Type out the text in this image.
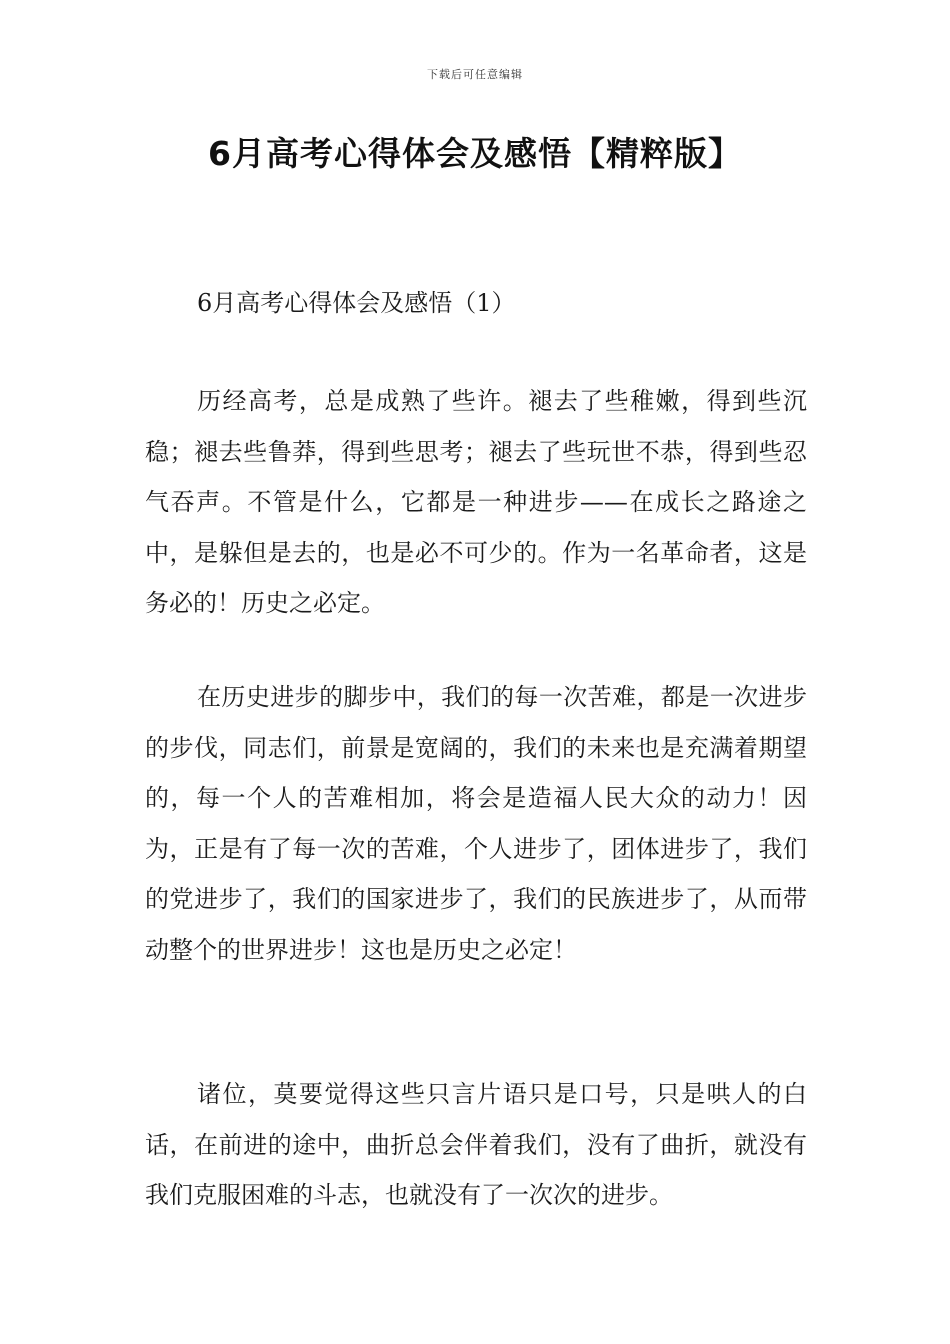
下载后可任意编辑
6月高考心得体会及感悟【精粹版】
6月高考心得体会及感悟（1）

历经高考，总是成熟了些许。褪去了些稚嫩，得到些沉稳；褪去些鲁莽，得到些思考；褪去了些玩世不恭，得到些忍气吞声。不管是什么，它都是一种进步——在成长之路途之中，是躲但是去的，也是必不可少的。作为一名革命者，这是务必的！历史之必定。

在历史进步的脚步中，我们的每一次苦难，都是一次进步的步伐，同志们，前景是宽阔的，我们的未来也是充满着期望的，每一个人的苦难相加，将会是造福人民大众的动力！因为，正是有了每一次的苦难，个人进步了，团体进步了，我们的党进步了，我们的国家进步了，我们的民族进步了，从而带动整个的世界进步！这也是历史之必定！

诸位，莫要觉得这些只言片语只是口号，只是哄人的白话，在前进的途中，曲折总会伴着我们，没有了曲折，就没有我们克服困难的斗志，也就没有了一次次的进步。
